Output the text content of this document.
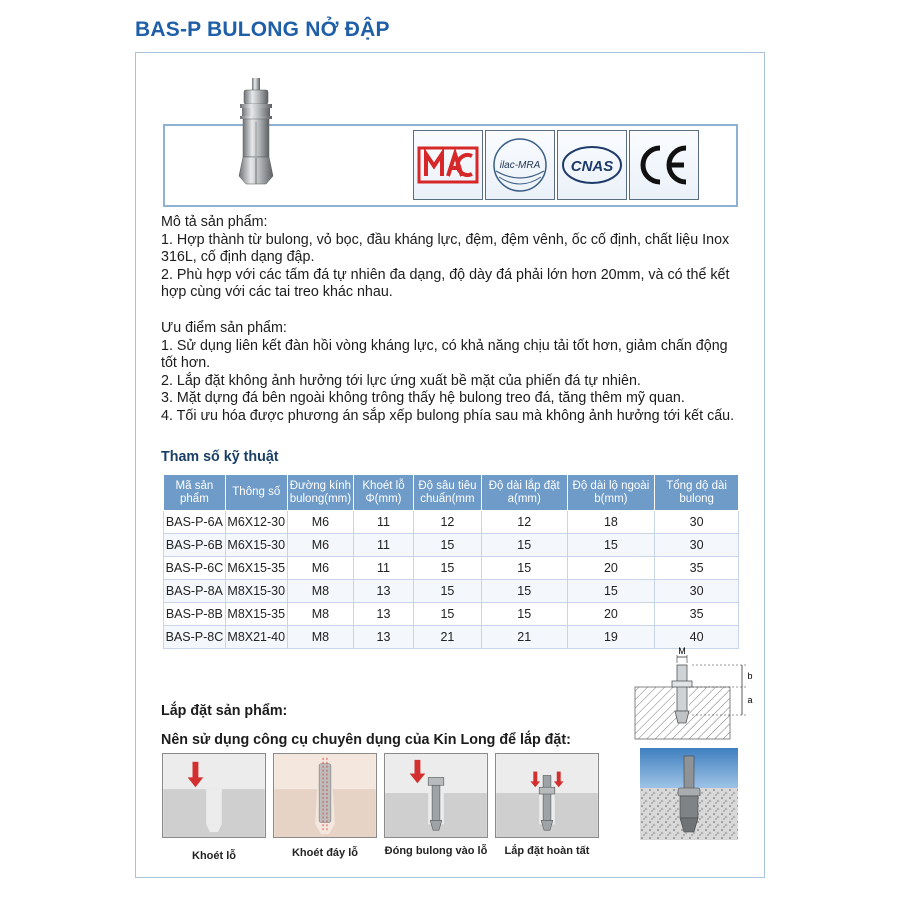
BAS-P BULONG NỞ ĐẬP
ilac-MRA CNAS

Mô tả sản phẩm:

1. Hợp thành từ bulong, vỏ bọc, đầu kháng lực, đệm, đệm vênh, ốc cố định, chất liệu Inox 316L, cố định dạng đập.

2. Phù hợp với các tấm đá tự nhiên đa dạng, độ dày đá phải lớn hơn 20mm, và có thể kết hợp cùng với các tai treo khác nhau.

Ưu điểm sản phẩm:

1. Sử dụng liên kết đàn hồi vòng kháng lực, có khả năng chịu tải tốt hơn, giảm chấn động tốt hơn.

2. Lắp đặt không ảnh hưởng tới lực ứng xuất bề mặt của phiến đá tự nhiên.

3. Mặt dựng đá bên ngoài không trông thấy hệ bulong treo đá, tăng thêm mỹ quan.

4. Tối ưu hóa được phương án sắp xếp bulong phía sau mà không ảnh hưởng tới kết cấu.

Tham số kỹ thuật
Mã sản phẩm	Thông số	Đường kính bulong(mm)	Khoét lỗ Φ(mm)	Độ sâu tiêu chuẩn(mm	Độ dài lắp đặt a(mm)	Độ dài lộ ngoài b(mm)	Tổng dộ dài bulong
BAS-P-6A	M6X12-30	M6	11	12	12	18	30
BAS-P-6B	M6X15-30	M6	11	15	15	15	30
BAS-P-6C	M6X15-35	M6	11	15	15	20	35
BAS-P-8A	M8X15-30	M8	13	15	15	15	30
BAS-P-8B	M8X15-35	M8	13	15	15	20	35
BAS-P-8C	M8X21-40	M8	13	21	21	19	40
M
b
a
Lắp đặt sản phẩm:
Nên sử dụng công cụ chuyên dụng của Kin Long để lắp đặt:
Khoét lỗ	Khoét đáy lỗ	Đóng bulong vào lỗ	Lắp đặt hoàn tất
